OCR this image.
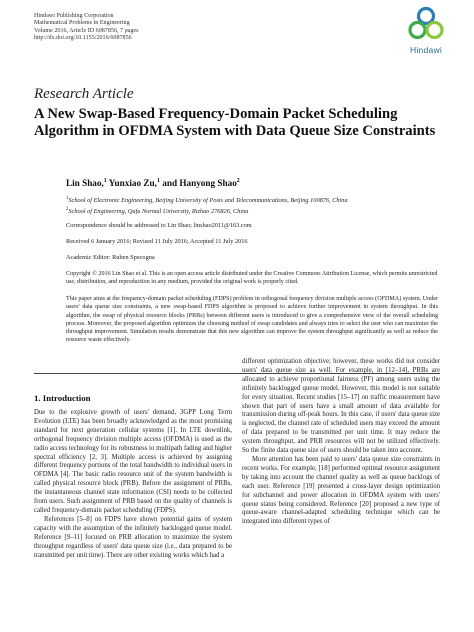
Hindawi Publishing Corporation
Mathematical Problems in Engineering
Volume 2016, Article ID 6087856, 7 pages
http://dx.doi.org/10.1155/2016/6087856
Hindawi
Research Article
A New Swap-Based Frequency-Domain Packet Scheduling Algorithm in OFDMA System with Data Queue Size Constraints
Lin Shao,$^1$ Yunxiao Zu,$^1$ and Hanyong Shao$^2$
$^1$School of Electronic Engineering, Beijing University of Posts and Telecommunications, Beijing 100876, China
$^2$School of Engineering, Qufu Normal University, Rizhao 276826, China
Correspondence should be addressed to Lin Shao; linshao2011@163.com
Received 6 January 2016; Revised 11 July 2016; Accepted 11 July 2016
Academic Editor: Ruben Specogna
Copyright © 2016 Lin Shao et al. This is an open access article distributed under the Creative Commons Attribution License, which permits unrestricted use, distribution, and reproduction in any medium, provided the original work is properly cited.
This paper aims at the frequency-domain packet scheduling (FDPS) problem in orthogonal frequency division multiple access (OFDMA) system. Under users' data queue size constraints, a new swap-based FDPS algorithm is proposed to achieve further improvement in system throughput. In this algorithm, the swap of physical resource blocks (PRBs) between different users is introduced to give a comprehensive view of the overall scheduling process. Moreover, the proposed algorithm optimizes the choosing method of swap candidates and always tries to select the user who can maximize the throughput improvement. Simulation results demonstrate that this new algorithm can improve the system throughput significantly as well as reduce the resource waste effectively.
1. Introduction

Due to the explosive growth of users' demand, 3GPP Long Term Evolution (LTE) has been broadly acknowledged as the most promising standard for next generation cellular systems [1]. In LTE downlink, orthogonal frequency division multiple access (OFDMA) is used as the radio access technology for its robustness to multipath fading and higher spectral efficiency [2, 3]. Multiple access is achieved by assigning different frequency portions of the total bandwidth to individual users in OFDMA [4]. The basic radio resource unit of the system bandwidth is called physical resource block (PRB). Before the assignment of PRBs, the instantaneous channel state information (CSI) needs to be collected from users. Such assignment of PRB based on the quality of channels is called frequency-domain packet scheduling (FDPS).

References [5–8] on FDPS have shown potential gains of system capacity with the assumption of the infinitely backlogged queue model. Reference [9–11] focused on PRB allocation to maximize the system throughput regardless of users' data queue size (i.e., data prepared to be transmitted per unit time). There are other existing works which had a

different optimization objective; however, these works did not consider users' data queue size as well. For example, in [12–14], PRBs are allocated to achieve proportional fairness (PF) among users using the infinitely backlogged queue model. However, this model is not suitable for every situation. Recent studies [15–17] on traffic measurement have shown that part of users have a small amount of data available for transmission during off-peak hours. In this case, if users' data queue size is neglected, the channel rate of scheduled users may exceed the amount of data prepared to be transmitted per unit time. It may reduce the system throughput, and PRB resources will not be utilized effectively. So the finite data queue size of users should be taken into account.

More attention has been paid to users' data queue size constraints in recent works. For example, [18] performed optimal resource assignment by taking into account the channel quality as well as queue backlogs of each user. Reference [19] presented a cross-layer design optimization for subchannel and power allocation in OFDMA system with users' queue status being considered. Reference [20] proposed a new type of queue-aware channel-adapted scheduling technique which can be integrated into different types of
